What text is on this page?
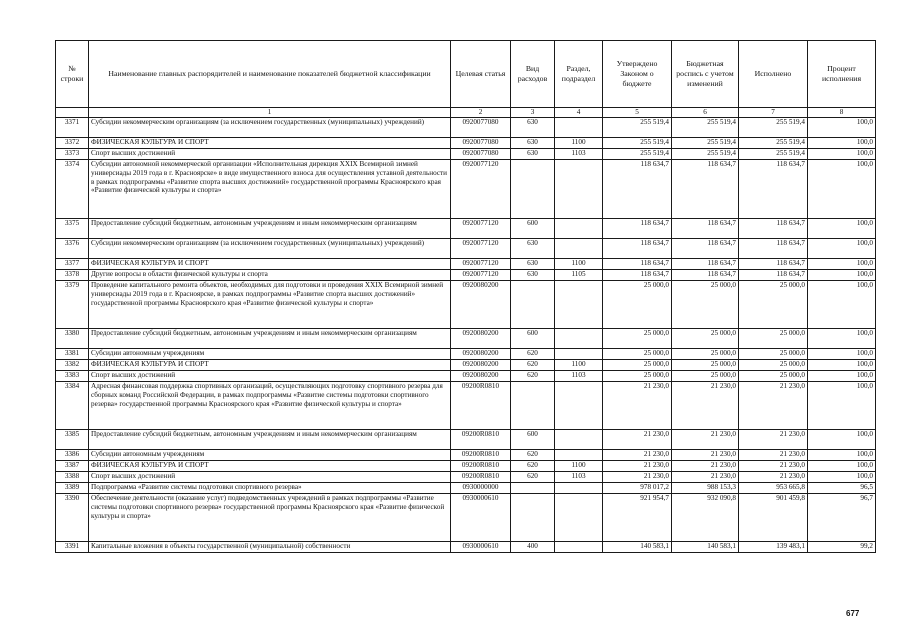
№ строки	Наименование главных распорядителей и наименование показателей бюджетной классификации	Целевая статья	Вид расходов	Раздел, подраздел	Утверждено Законом о бюджете	Бюджетная роспись с учетом изменений	Исполнено	Процент исполнения
	1	2	3	4	5	6	7	8
3371	Субсидии некоммерческим организациям (за исключением государственных (муниципальных) учреждений)	0920077080	630		255 519,4	255 519,4	255 519,4	100,0
3372	ФИЗИЧЕСКАЯ КУЛЬТУРА И СПОРТ	0920077080	630	1100	255 519,4	255 519,4	255 519,4	100,0
3373	Спорт высших достижений	0920077080	630	1103	255 519,4	255 519,4	255 519,4	100,0
3374	Субсидии автономной некоммерческой организации «Исполнительная дирекция XXIX Всемирной зимней универсиады 2019 года в г. Красноярске» в виде имущественного взноса для осуществления уставной деятельности в рамках подпрограммы «Развитие спорта высших достижений» государственной программы Красноярского края «Развитие физической культуры и спорта»	0920077120			118 634,7	118 634,7	118 634,7	100,0
3375	Предоставление субсидий бюджетным, автономным учреждениям и иным некоммерческим организациям	0920077120	600		118 634,7	118 634,7	118 634,7	100,0
3376	Субсидии некоммерческим организациям (за исключением государственных (муниципальных) учреждений)	0920077120	630		118 634,7	118 634,7	118 634,7	100,0
3377	ФИЗИЧЕСКАЯ КУЛЬТУРА И СПОРТ	0920077120	630	1100	118 634,7	118 634,7	118 634,7	100,0
3378	Другие вопросы в области физической культуры и спорта	0920077120	630	1105	118 634,7	118 634,7	118 634,7	100,0
3379	Проведение капитального ремонта объектов, необходимых для подготовки и проведения XXIX Всемирной зимней универсиады 2019 года в г. Красноярске, в рамках подпрограммы «Развитие спорта высших достижений» государственной программы Красноярского края «Развитие физической культуры и спорта»	0920080200			25 000,0	25 000,0	25 000,0	100,0
3380	Предоставление субсидий бюджетным, автономным учреждениям и иным некоммерческим организациям	0920080200	600		25 000,0	25 000,0	25 000,0	100,0
3381	Субсидии автономным учреждениям	0920080200	620		25 000,0	25 000,0	25 000,0	100,0
3382	ФИЗИЧЕСКАЯ КУЛЬТУРА И СПОРТ	0920080200	620	1100	25 000,0	25 000,0	25 000,0	100,0
3383	Спорт высших достижений	0920080200	620	1103	25 000,0	25 000,0	25 000,0	100,0
3384	Адресная финансовая поддержка спортивных организаций, осуществляющих подготовку спортивного резерва для сборных команд Российской Федерации, в рамках подпрограммы «Развитие системы подготовки спортивного резерва» государственной программы Красноярского края «Развитие физической культуры и спорта»	09200R0810			21 230,0	21 230,0	21 230,0	100,0
3385	Предоставление субсидий бюджетным, автономным учреждениям и иным некоммерческим организациям	09200R0810	600		21 230,0	21 230,0	21 230,0	100,0
3386	Субсидии автономным учреждениям	09200R0810	620		21 230,0	21 230,0	21 230,0	100,0
3387	ФИЗИЧЕСКАЯ КУЛЬТУРА И СПОРТ	09200R0810	620	1100	21 230,0	21 230,0	21 230,0	100,0
3388	Спорт высших достижений	09200R0810	620	1103	21 230,0	21 230,0	21 230,0	100,0
3389	Подпрограмма «Развитие системы подготовки спортивного резерва»	0930000000			978 017,2	988 153,3	953 665,8	96,5
3390	Обеспечение деятельности (оказание услуг) подведомственных учреждений в рамках подпрограммы «Развитие системы подготовки спортивного резерва» государственной программы Красноярского края «Развитие физической культуры и спорта»	0930000610			921 954,7	932 090,8	901 459,8	96,7
3391	Капитальные вложения в объекты государственной (муниципальной) собственности	0930000610	400		140 583,1	140 583,1	139 483,1	99,2
677
